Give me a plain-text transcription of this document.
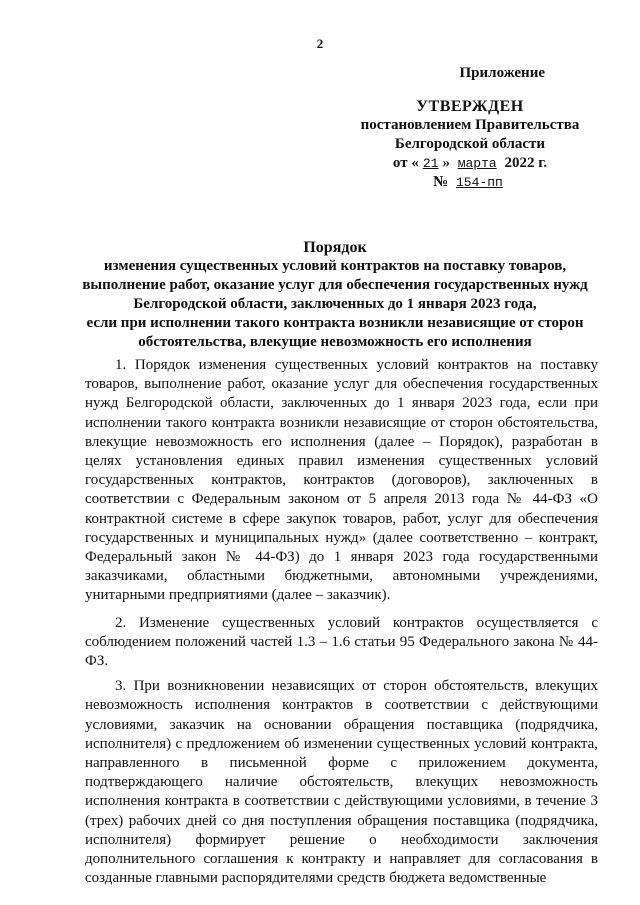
2
Приложение
УТВЕРЖДЕН
постановлением Правительства
Белгородской области
от « 21 » марта 2022 г.
№ 154-пп
Порядок
изменения существенных условий контрактов на поставку товаров,
выполнение работ, оказание услуг для обеспечения государственных нужд
Белгородской области, заключенных до 1 января 2023 года,
если при исполнении такого контракта возникли независящие от сторон
обстоятельства, влекущие невозможность его исполнения

1. Порядок изменения существенных условий контрактов на поставку товаров, выполнение работ, оказание услуг для обеспечения государственных нужд Белгородской области, заключенных до 1 января 2023 года, если при исполнении такого контракта возникли независящие от сторон обстоятельства, влекущие невозможность его исполнения (далее – Порядок), разработан в целях установления единых правил изменения существенных условий государственных контрактов, контрактов (договоров), заключенных в соответствии с Федеральным законом от 5 апреля 2013 года № 44-ФЗ «О контрактной системе в сфере закупок товаров, работ, услуг для обеспечения государственных и муниципальных нужд» (далее соответственно – контракт, Федеральный закон № 44-ФЗ) до 1 января 2023 года государственными заказчиками, областными бюджетными, автономными учреждениями, унитарными предприятиями (далее – заказчик).

2. Изменение существенных условий контрактов осуществляется с соблюдением положений частей 1.3 – 1.6 статьи 95 Федерального закона № 44-ФЗ.

3. При возникновении независящих от сторон обстоятельств, влекущих невозможность исполнения контрактов в соответствии с действующими условиями, заказчик на основании обращения поставщика (подрядчика, исполнителя) с предложением об изменении существенных условий контракта, направленного в письменной форме с приложением документа, подтверждающего наличие обстоятельств, влекущих невозможность исполнения контракта в соответствии с действующими условиями, в течение 3 (трех) рабочих дней со дня поступления обращения поставщика (подрядчика, исполнителя) формирует решение о необходимости заключения дополнительного соглашения к контракту и направляет для согласования в созданные главными распорядителями средств бюджета ведомственные
